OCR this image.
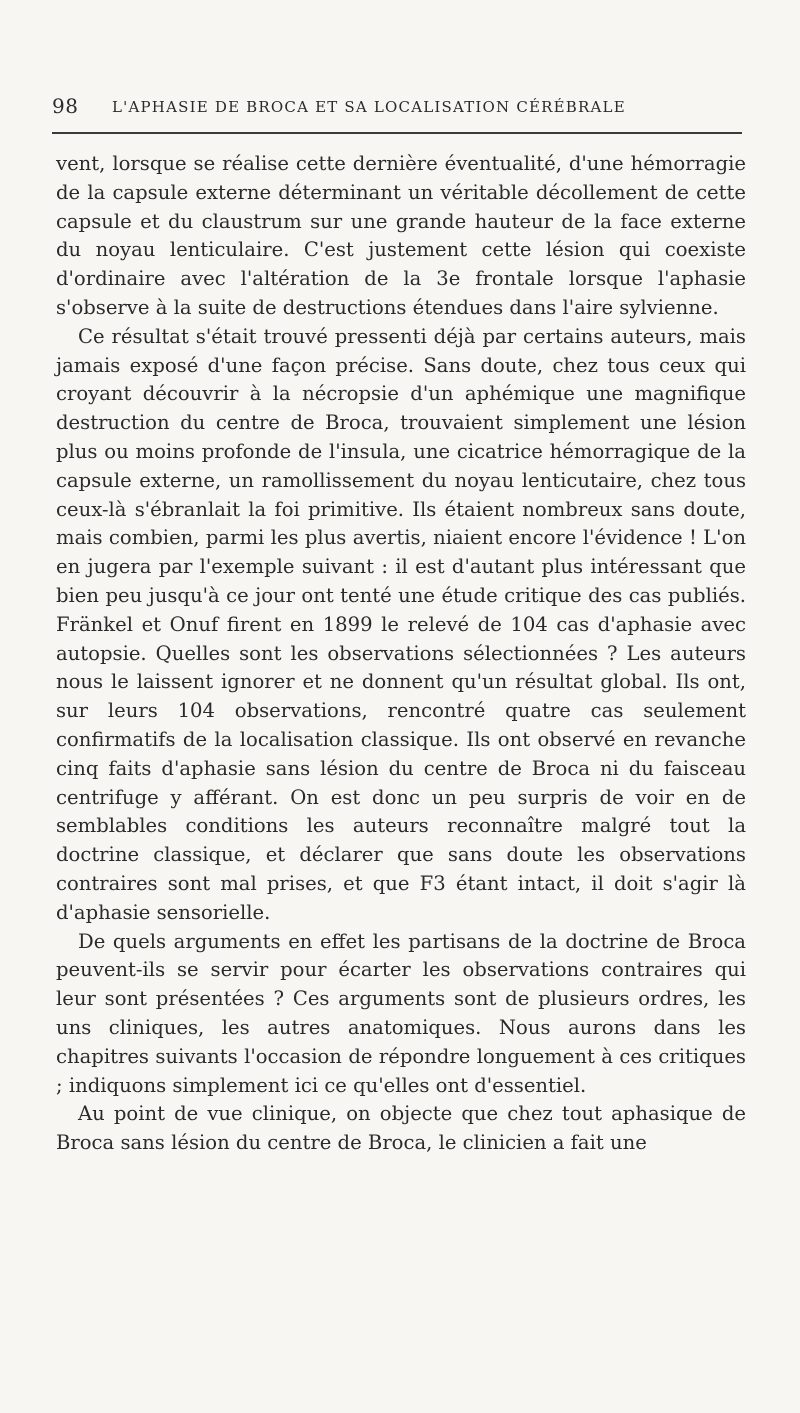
98 L'APHASIE DE BROCA ET SA LOCALISATION CÉRÉBRALE

vent, lorsque se réalise cette dernière éventualité, d'une hémorragie de la capsule externe déterminant un véritable décollement de cette capsule et du claustrum sur une grande hauteur de la face externe du noyau lenticulaire. C'est justement cette lésion qui coexiste d'ordinaire avec l'altération de la 3e frontale lorsque l'aphasie s'observe à la suite de destructions étendues dans l'aire sylvienne.

Ce résultat s'était trouvé pressenti déjà par certains auteurs, mais jamais exposé d'une façon précise. Sans doute, chez tous ceux qui croyant découvrir à la nécropsie d'un aphémique une magnifique destruction du centre de Broca, trouvaient simplement une lésion plus ou moins profonde de l'insula, une cicatrice hémorragique de la capsule externe, un ramollissement du noyau lenticutaire, chez tous ceux-là s'ébranlait la foi primitive. Ils étaient nombreux sans doute, mais combien, parmi les plus avertis, niaient encore l'évidence ! L'on en jugera par l'exemple suivant : il est d'autant plus intéressant que bien peu jusqu'à ce jour ont tenté une étude critique des cas publiés. Fränkel et Onuf firent en 1899 le relevé de 104 cas d'aphasie avec autopsie. Quelles sont les observations sélectionnées ? Les auteurs nous le laissent ignorer et ne donnent qu'un résultat global. Ils ont, sur leurs 104 observations, rencontré quatre cas seulement confirmatifs de la localisation classique. Ils ont observé en revanche cinq faits d'aphasie sans lésion du centre de Broca ni du faisceau centrifuge y afférant. On est donc un peu surpris de voir en de semblables conditions les auteurs reconnaître malgré tout la doctrine classique, et déclarer que sans doute les observations contraires sont mal prises, et que F3 étant intact, il doit s'agir là d'aphasie sensorielle.

De quels arguments en effet les partisans de la doctrine de Broca peuvent-ils se servir pour écarter les observations contraires qui leur sont présentées ? Ces arguments sont de plusieurs ordres, les uns cliniques, les autres anatomiques. Nous aurons dans les chapitres suivants l'occasion de répondre longuement à ces critiques ; indiquons simplement ici ce qu'elles ont d'essentiel.

Au point de vue clinique, on objecte que chez tout aphasique de Broca sans lésion du centre de Broca, le clinicien a fait une
